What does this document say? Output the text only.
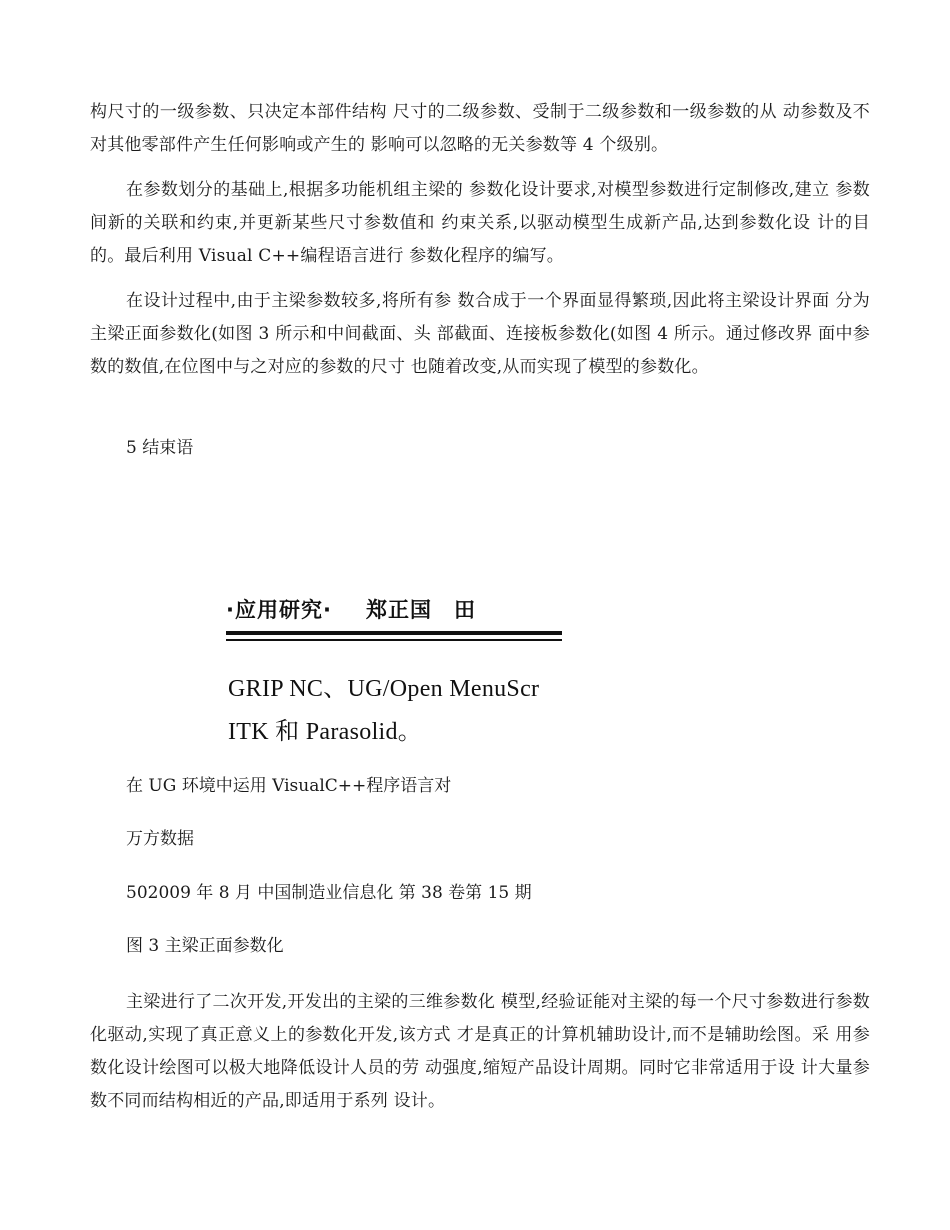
构尺寸的一级参数、只决定本部件结构 尺寸的二级参数、受制于二级参数和一级参数的从 动参数及不对其他零部件产生任何影响或产生的 影响可以忽略的无关参数等 4 个级别。

在参数划分的基础上,根据多功能机组主梁的 参数化设计要求,对模型参数进行定制修改,建立 参数间新的关联和约束,并更新某些尺寸参数值和 约束关系,以驱动模型生成新产品,达到参数化设 计的目的。最后利用 Visual C++编程语言进行 参数化程序的编写。

在设计过程中,由于主梁参数较多,将所有参 数合成于一个界面显得繁琐,因此将主梁设计界面 分为主梁正面参数化(如图 3 所示和中间截面、头 部截面、连接板参数化(如图 4 所示。通过修改界 面中参数的数值,在位图中与之对应的参数的尺寸 也随着改变,从而实现了模型的参数化。

5 结束语
·应用研究· 郑正国 田
GRIP NC、UG/Open MenuScr
ITK 和 Parasolid。
在 UG 环境中运用 VisualC++程序语言对
万方数据
502009 年 8 月 中国制造业信息化 第 38 卷第 15 期
图 3 主梁正面参数化

主梁进行了二次开发,开发出的主梁的三维参数化 模型,经验证能对主梁的每一个尺寸参数进行参数 化驱动,实现了真正意义上的参数化开发,该方式 才是真正的计算机辅助设计,而不是辅助绘图。采 用参数化设计绘图可以极大地降低设计人员的劳 动强度,缩短产品设计周期。同时它非常适用于设 计大量参数不同而结构相近的产品,即适用于系列 设计。
